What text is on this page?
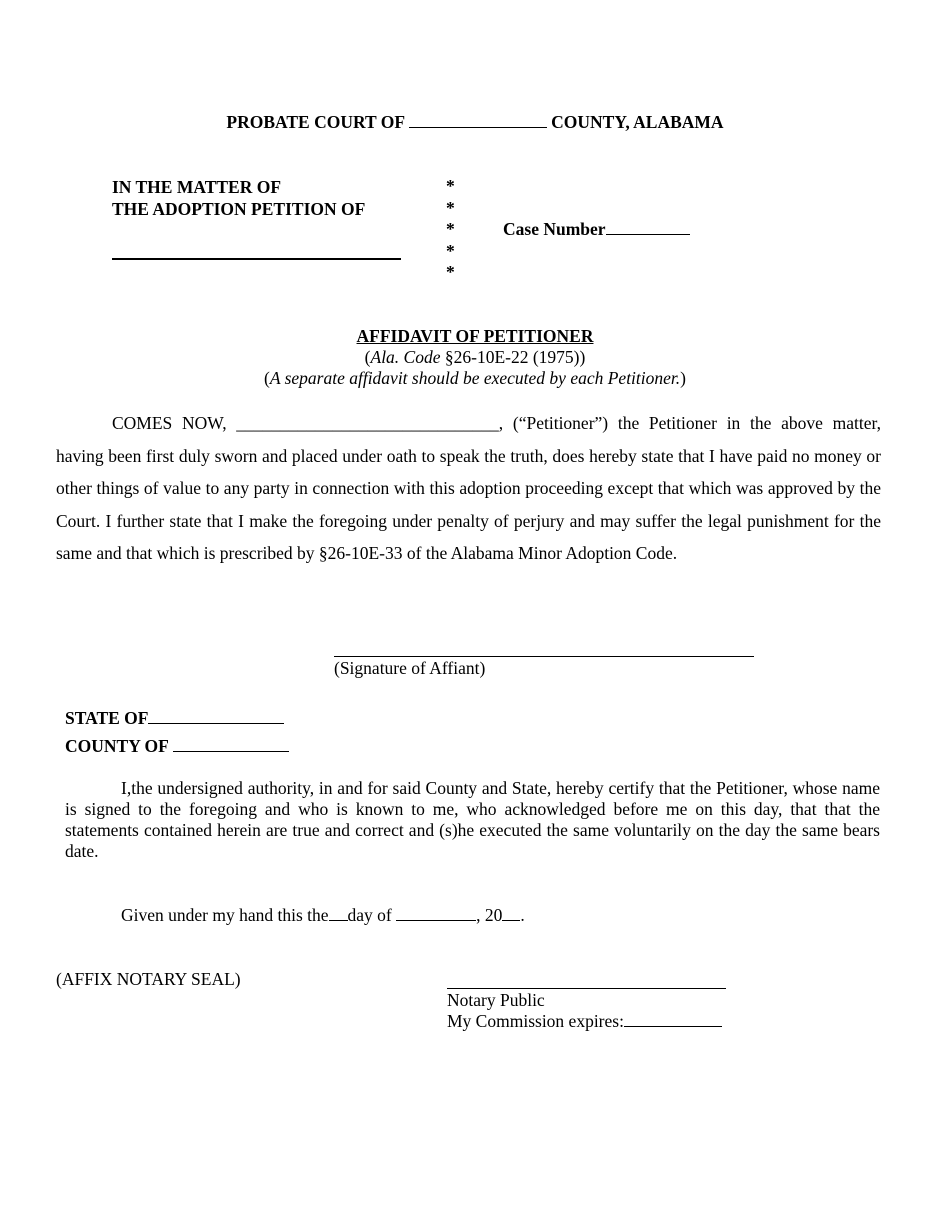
PROBATE COURT OF	COUNTY, ALABAMA
IN THE MATTER OF
THE ADOPTION PETITION OF
*
*
*
*
*
Case Number
AFFIDAVIT OF PETITIONER
(Ala. Code §26-10E-22 (1975))
(A separate affidavit should be executed by each Petitioner.)
COMES NOW, ______________________________, (“Petitioner”) the Petitioner in the above matter, having been first duly sworn and placed under oath to speak the truth, does hereby state that I have paid no money or other things of value to any party in connection with this adoption proceeding except that which was approved by the Court. I further state that I make the foregoing under penalty of perjury and may suffer the legal punishment for the same and that which is prescribed by §26-10E-33 of the Alabama Minor Adoption Code.
(Signature of Affiant)
STATE OF
COUNTY OF
I,the undersigned authority, in and for said County and State, hereby certify that the Petitioner, whose name is signed to the foregoing and who is known to me, who acknowledged before me on this day, that that the statements contained herein are true and correct and (s)he executed the same voluntarily on the day the same bears date.
Given under my hand this the day of	, 20 .
(AFFIX NOTARY SEAL)
Notary Public
My Commission expires:
